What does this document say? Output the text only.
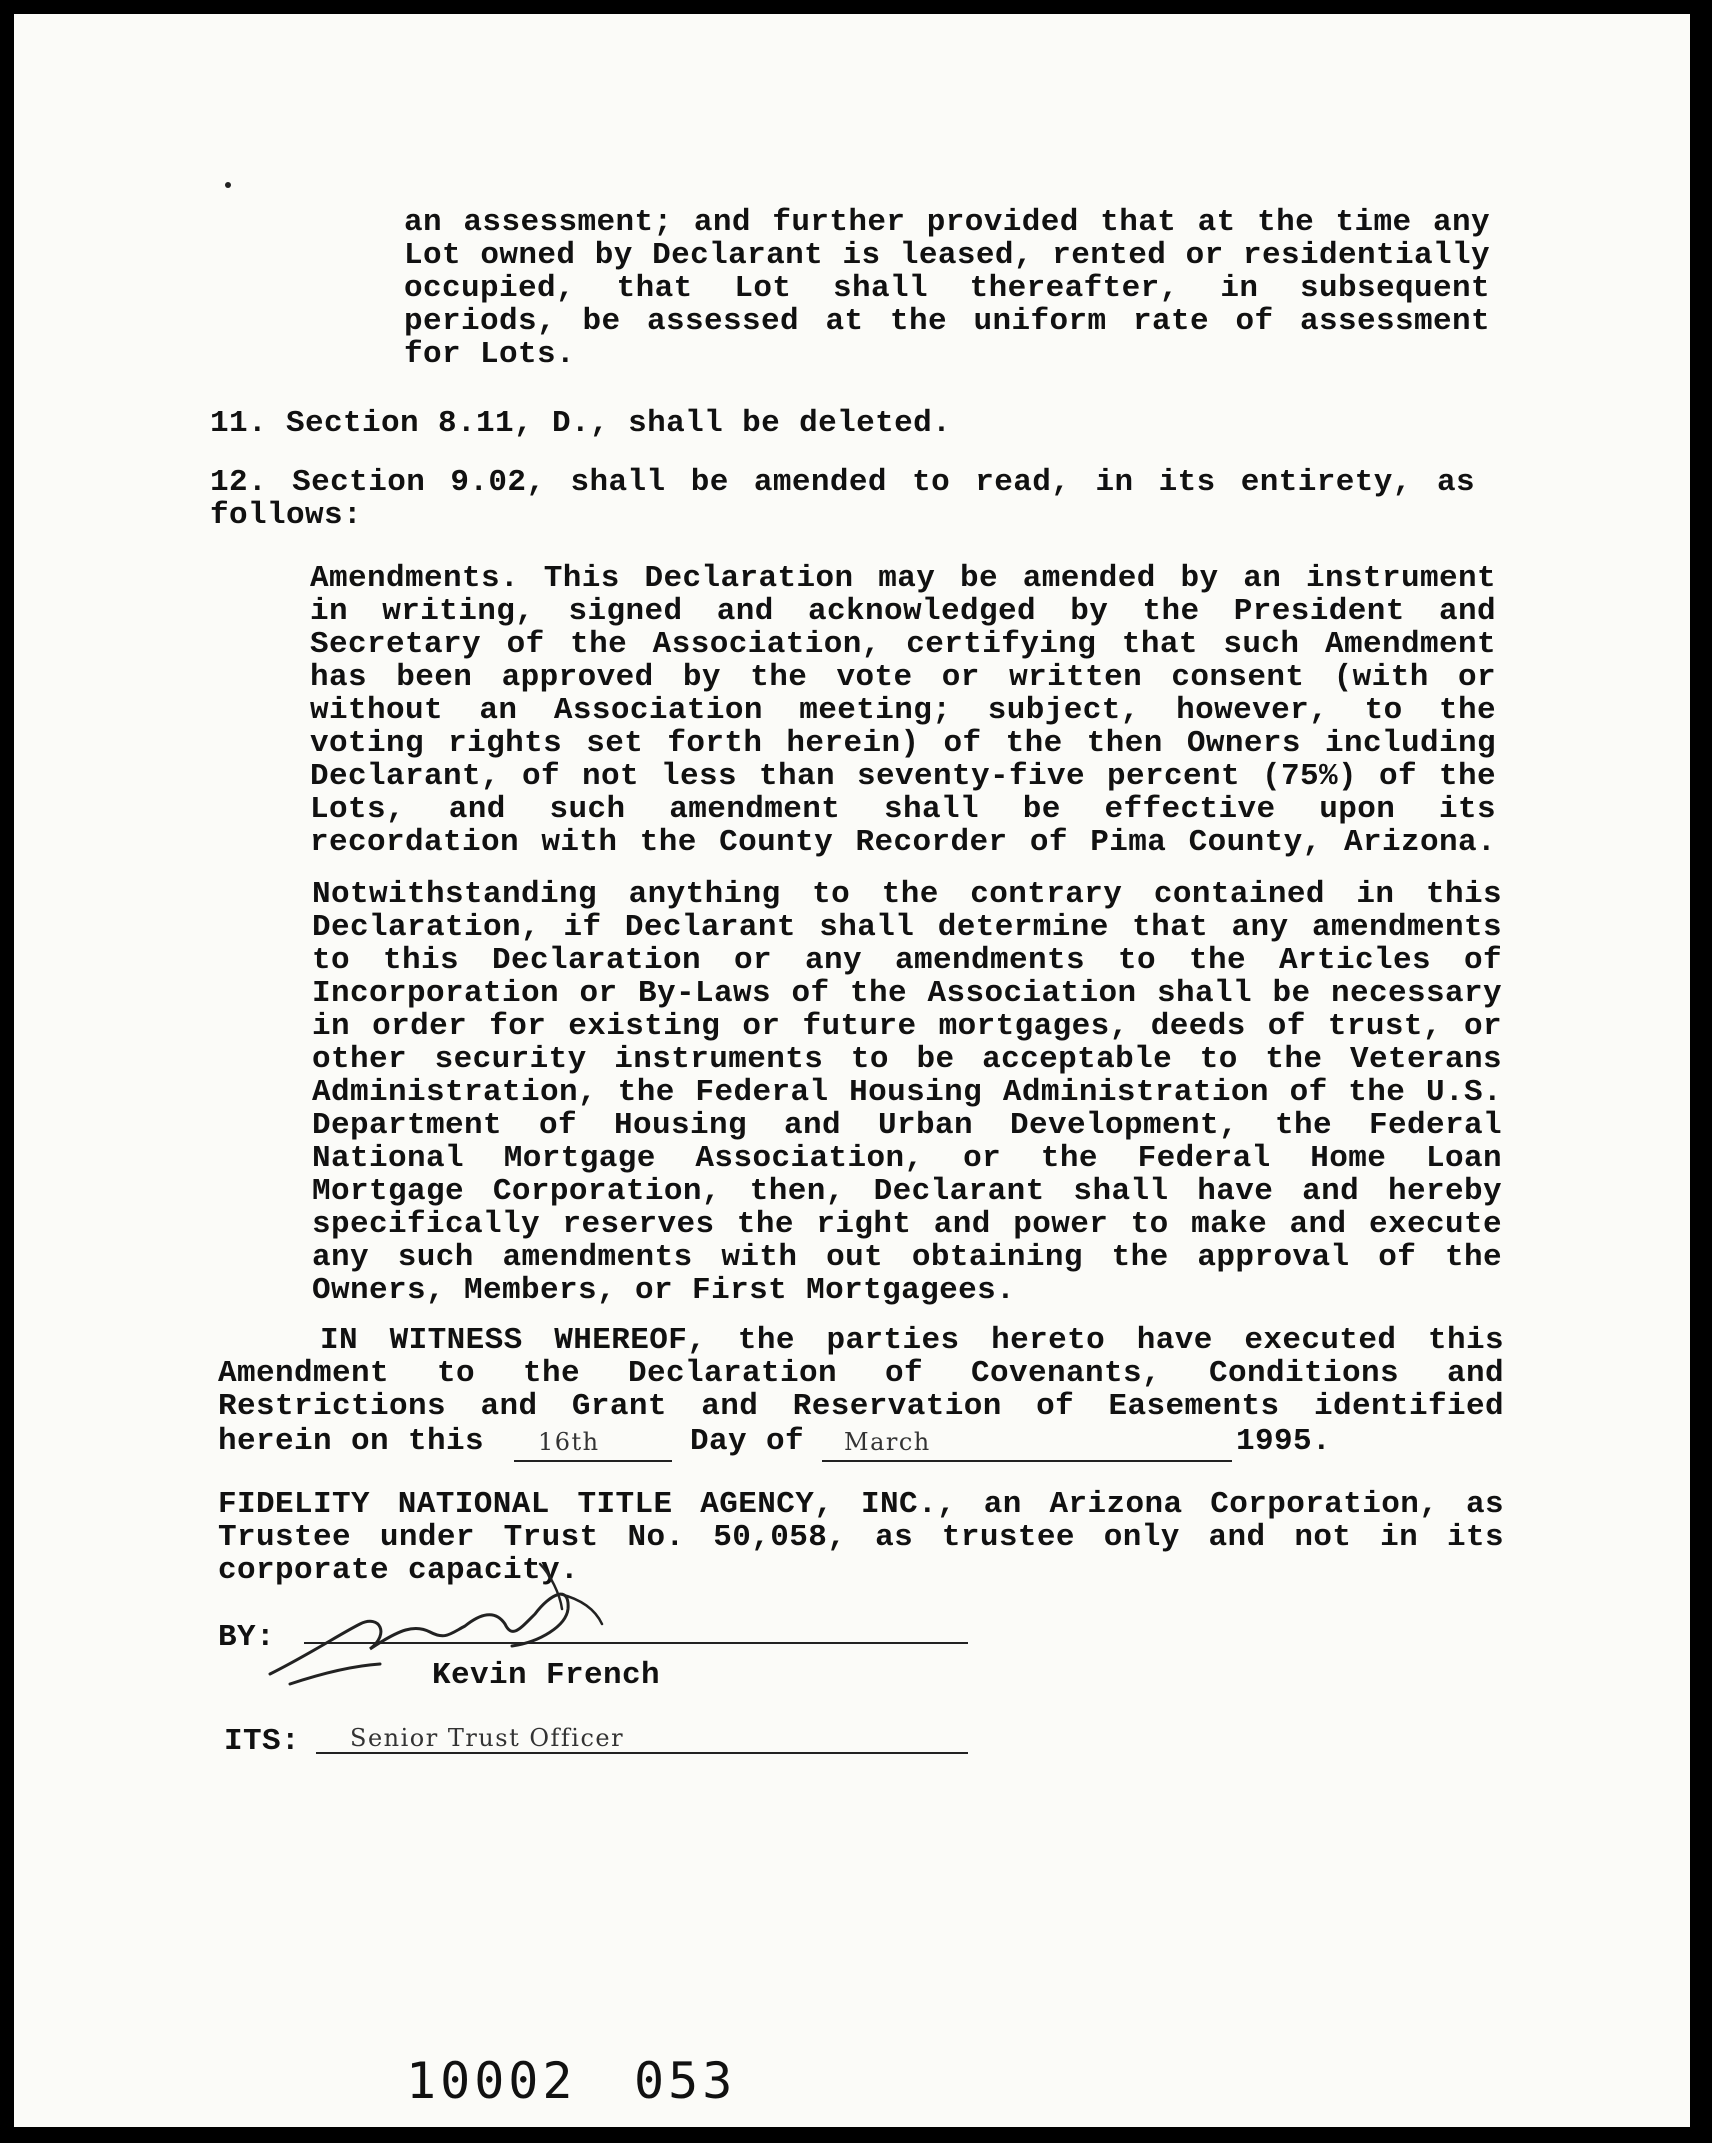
an assessment; and further provided that at the time any
Lot owned by Declarant is leased, rented or residentially
occupied, that Lot shall thereafter, in subsequent
periods, be assessed at the uniform rate of assessment
for Lots.
11. Section 8.11, D., shall be deleted.
12. Section 9.02, shall be amended to read, in its entirety, as
follows:
Amendments. This Declaration may be amended by an instrument
in writing, signed and acknowledged by the President and
Secretary of the Association, certifying that such Amendment
has been approved by the vote or written consent (with or
without an Association meeting; subject, however, to the
voting rights set forth herein) of the then Owners including
Declarant, of not less than seventy-five percent (75%) of the
Lots, and such amendment shall be effective upon its
recordation with the County Recorder of Pima County, Arizona.
Notwithstanding anything to the contrary contained in this
Declaration, if Declarant shall determine that any amendments
to this Declaration or any amendments to the Articles of
Incorporation or By-Laws of the Association shall be necessary
in order for existing or future mortgages, deeds of trust, or
other security instruments to be acceptable to the Veterans
Administration, the Federal Housing Administration of the U.S.
Department of Housing and Urban Development, the Federal
National Mortgage Association, or the Federal Home Loan
Mortgage Corporation, then, Declarant shall have and hereby
specifically reserves the right and power to make and execute
any such amendments with out obtaining the approval of the
Owners, Members, or First Mortgagees.
IN WITNESS WHEREOF, the parties hereto have executed this
Amendment to the Declaration of Covenants, Conditions and
Restrictions and Grant and Reservation of Easements identified
herein on this 16th	Day of March	1995.
FIDELITY NATIONAL TITLE AGENCY, INC., an Arizona Corporation, as
Trustee under Trust No. 50,058, as trustee only and not in its
corporate capacity.
BY:
Kevin French
ITS: Senior Trust Officer
10002 053
